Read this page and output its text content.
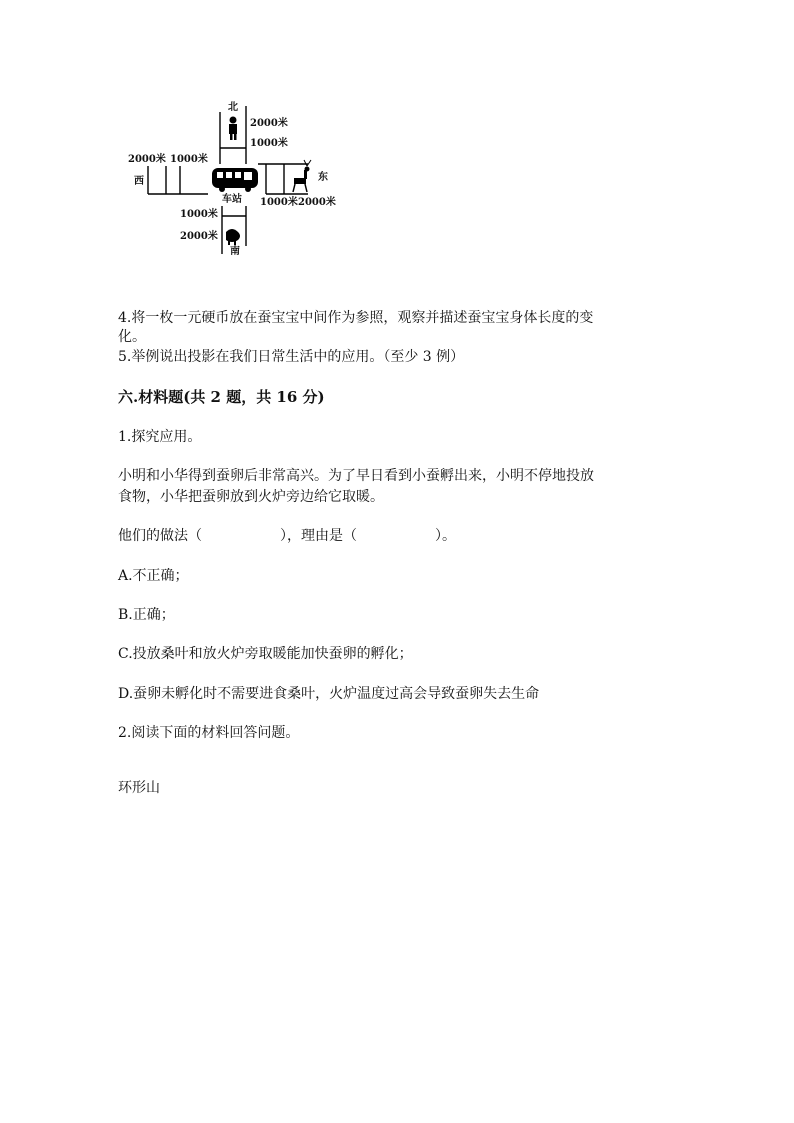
北
2000米
1000米
2000米 1000米
西	东
车站 1000米 2000米
1000米
2000米
南
4.将一枚一元硬币放在蚕宝宝中间作为参照，观察并描述蚕宝宝身体长度的变
化。
5.举例说出投影在我们日常生活中的应用。（至少 3 例）
六.材料题(共 2 题，共 16 分)
1.探究应用。
小明和小华得到蚕卵后非常高兴。为了早日看到小蚕孵出来，小明不停地投放
食物，小华把蚕卵放到火炉旁边给它取暖。
他们的做法（	），理由是（	）。
A.不正确；
B.正确；
C.投放桑叶和放火炉旁取暖能加快蚕卵的孵化；
D.蚕卵未孵化时不需要进食桑叶，火炉温度过高会导致蚕卵失去生命
2.阅读下面的材料回答问题。
环形山
